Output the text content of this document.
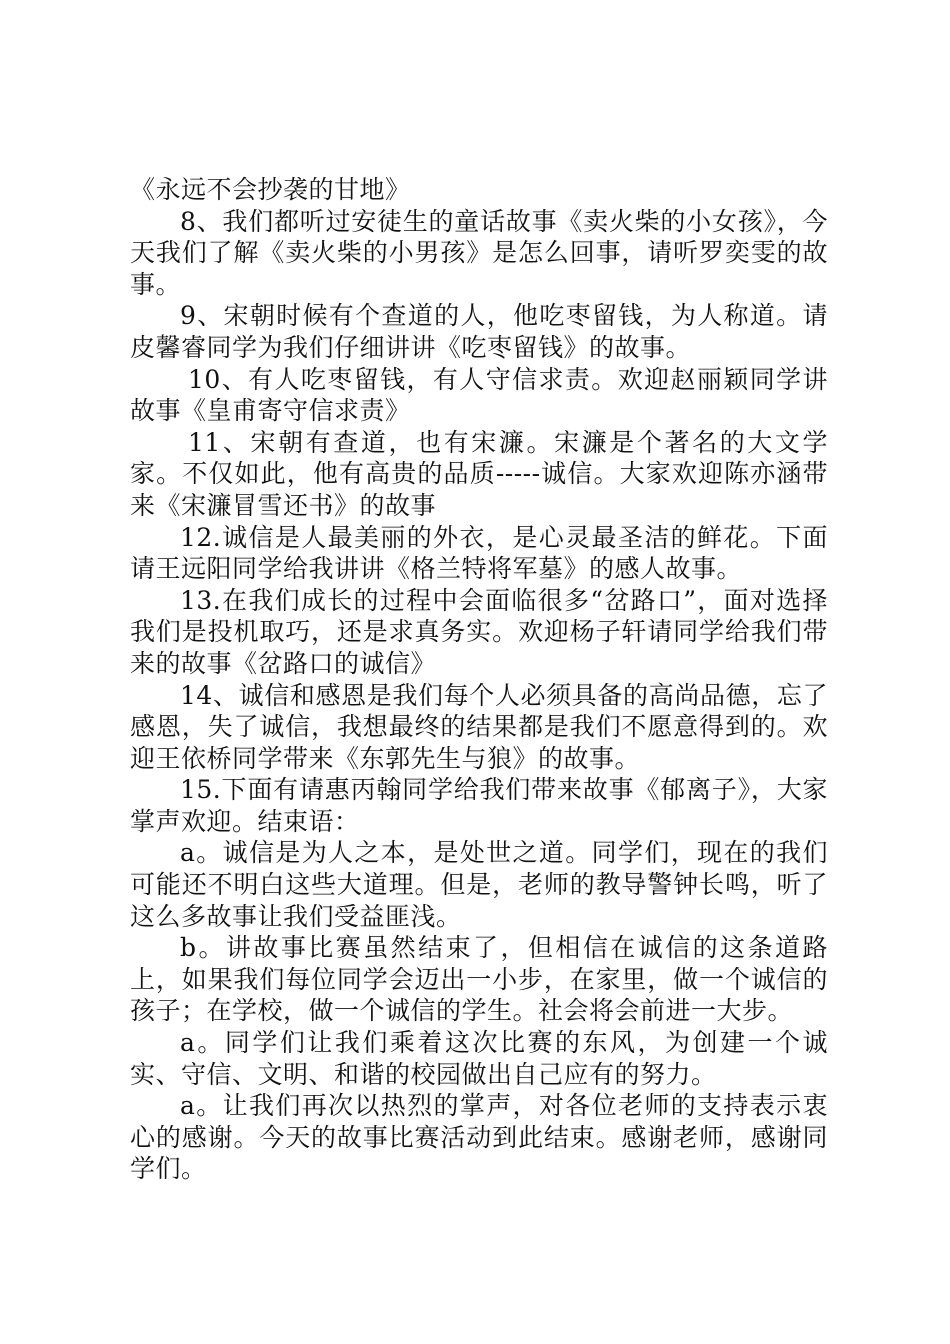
《永远不会抄袭的甘地》

8、我们都听过安徒生的童话故事《卖火柴的小女孩》，今天我们了解《卖火柴的小男孩》是怎么回事，请听罗奕雯的故事。

9、宋朝时候有个查道的人，他吃枣留钱，为人称道。请皮馨睿同学为我们仔细讲讲《吃枣留钱》的故事。

10、有人吃枣留钱，有人守信求责。欢迎赵丽颖同学讲故事《皇甫寄守信求责》

11、宋朝有查道，也有宋濂。宋濂是个著名的大文学家。不仅如此，他有高贵的品质-----诚信。大家欢迎陈亦涵带来《宋濂冒雪还书》的故事

12.诚信是人最美丽的外衣，是心灵最圣洁的鲜花。下面请王远阳同学给我讲讲《格兰特将军墓》的感人故事。

13.在我们成长的过程中会面临很多“岔路口”，面对选择我们是投机取巧，还是求真务实。欢迎杨子轩请同学给我们带来的故事《岔路口的诚信》

14、诚信和感恩是我们每个人必须具备的高尚品德，忘了感恩，失了诚信，我想最终的结果都是我们不愿意得到的。欢迎王依桥同学带来《东郭先生与狼》的故事。

15.下面有请惠丙翰同学给我们带来故事《郁离子》，大家掌声欢迎。结束语：

a。诚信是为人之本，是处世之道。同学们，现在的我们可能还不明白这些大道理。但是，老师的教导警钟长鸣，听了这么多故事让我们受益匪浅。

b。讲故事比赛虽然结束了，但相信在诚信的这条道路上，如果我们每位同学会迈出一小步，在家里，做一个诚信的孩子；在学校，做一个诚信的学生。社会将会前进一大步。

a。同学们让我们乘着这次比赛的东风，为创建一个诚实、守信、文明、和谐的校园做出自己应有的努力。

a。让我们再次以热烈的掌声，对各位老师的支持表示衷心的感谢。今天的故事比赛活动到此结束。感谢老师，感谢同学们。
